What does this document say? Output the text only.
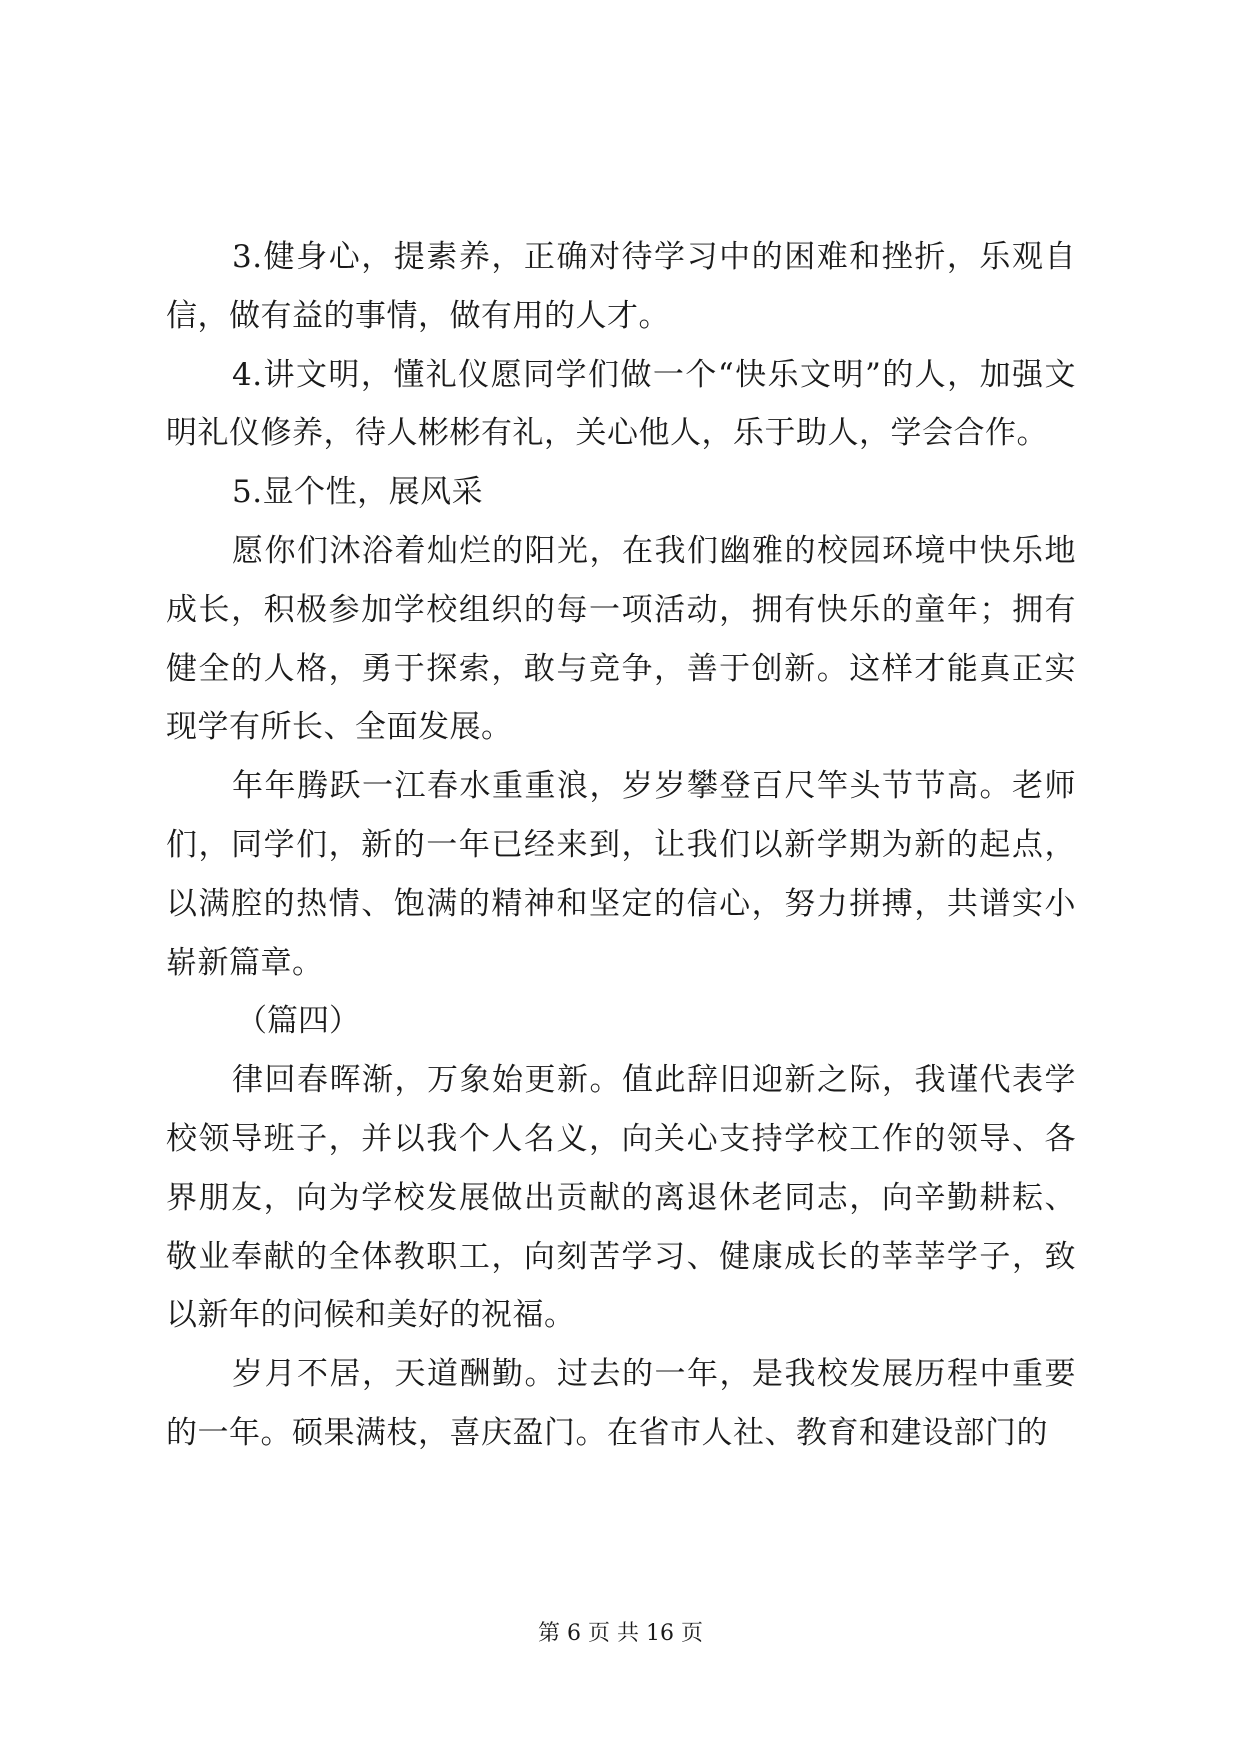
3.健身心，提素养，正确对待学习中的困难和挫折，乐观自信，做有益的事情，做有用的人才。

4.讲文明，懂礼仪愿同学们做一个“快乐文明”的人，加强文明礼仪修养，待人彬彬有礼，关心他人，乐于助人，学会合作。

5.显个性，展风采

愿你们沐浴着灿烂的阳光，在我们幽雅的校园环境中快乐地成长，积极参加学校组织的每一项活动，拥有快乐的童年；拥有健全的人格，勇于探索，敢与竞争，善于创新。这样才能真正实现学有所长、全面发展。

年年腾跃一江春水重重浪，岁岁攀登百尺竿头节节高。老师们，同学们，新的一年已经来到，让我们以新学期为新的起点，以满腔的热情、饱满的精神和坚定的信心，努力拼搏，共谱实小崭新篇章。

（篇四）

律回春晖渐，万象始更新。值此辞旧迎新之际，我谨代表学校领导班子，并以我个人名义，向关心支持学校工作的领导、各界朋友，向为学校发展做出贡献的离退休老同志，向辛勤耕耘、敬业奉献的全体教职工，向刻苦学习、健康成长的莘莘学子，致以新年的问候和美好的祝福。

岁月不居，天道酬勤。过去的一年，是我校发展历程中重要的一年。硕果满枝，喜庆盈门。在省市人社、教育和建设部门的

第 6 页 共 16 页
